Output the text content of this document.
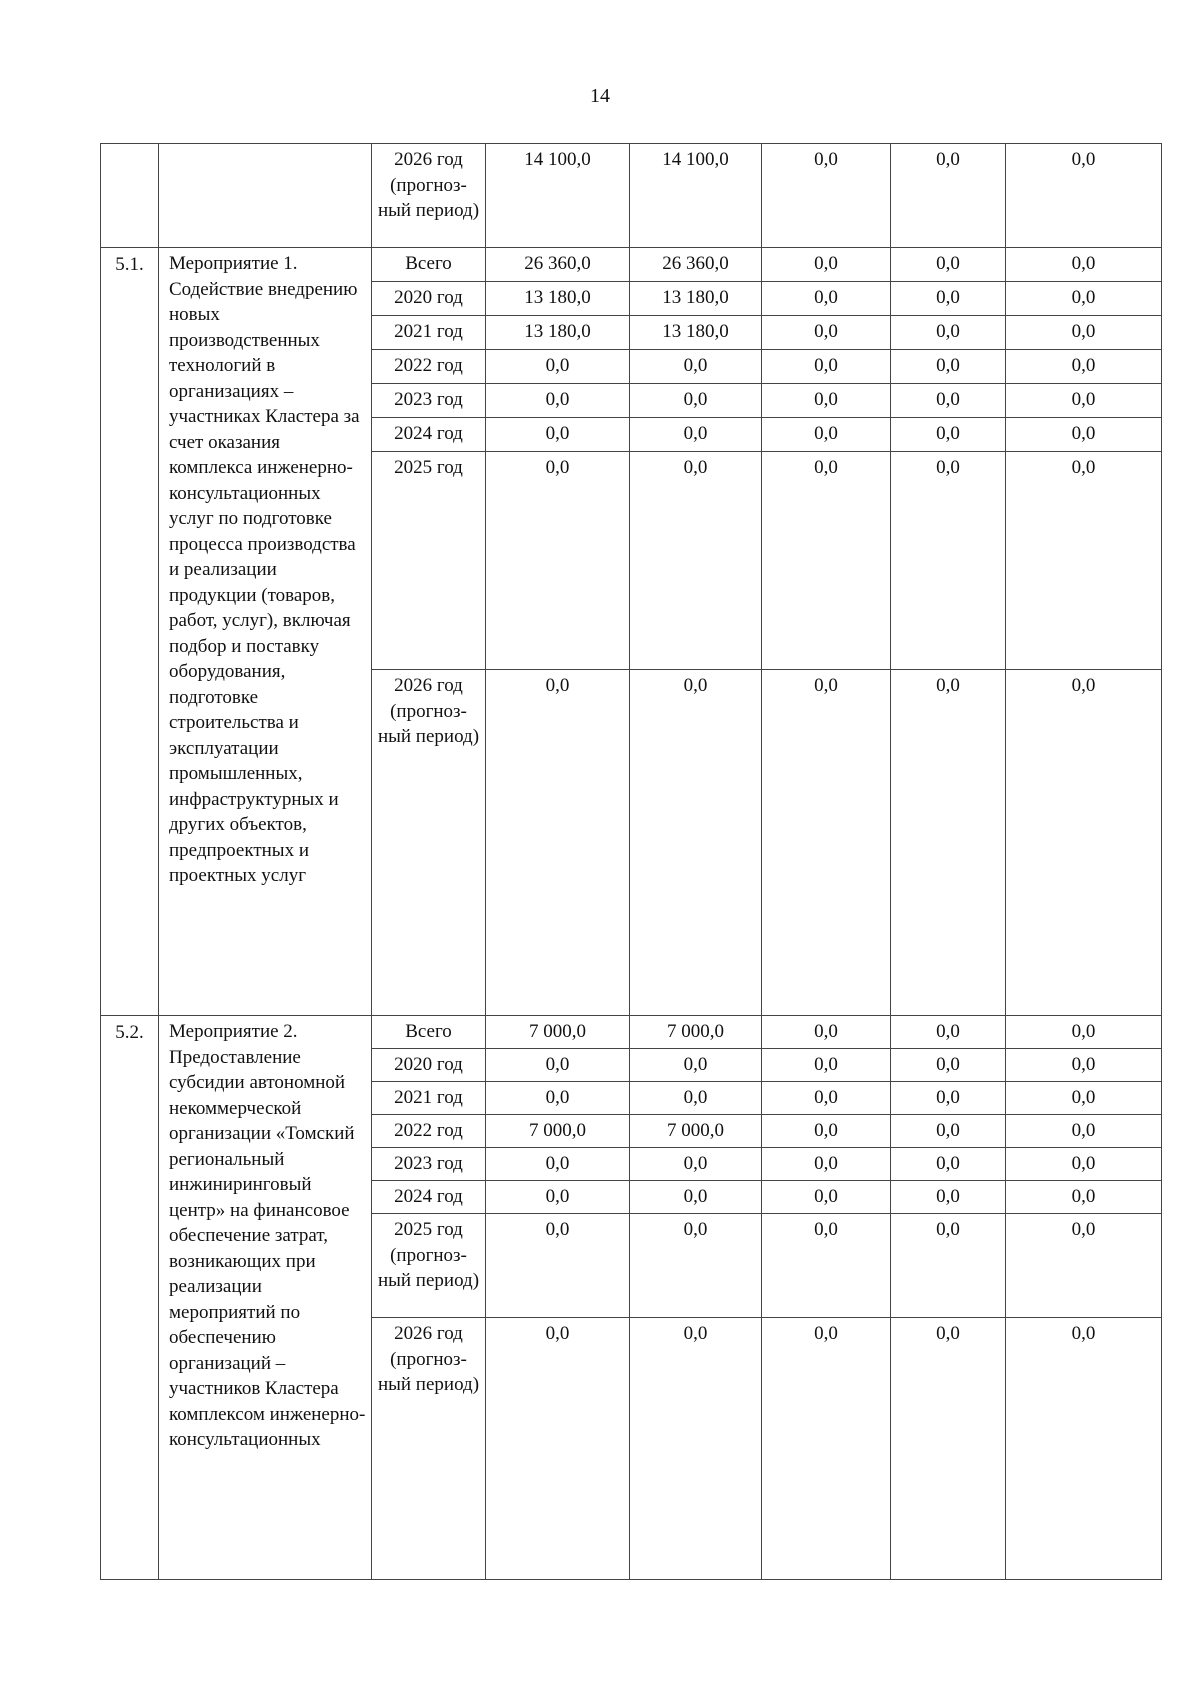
14
		2026 год (прогноз-ный период)	14 100,0	14 100,0	0,0	0,0	0,0
5.1.	Мероприятие 1. Содействие внедрению новых производственных технологий в организациях – участниках Кластера за счет оказания комплекса инженерно-консультационных услуг по подготовке процесса производства и реализации продукции (товаров, работ, услуг), включая подбор и поставку оборудования, подготовке строительства и эксплуатации промышленных, инфраструктурных и других объектов, предпроектных и проектных услуг	Всего	26 360,0	26 360,0	0,0	0,0	0,0
		2020 год	13 180,0	13 180,0	0,0	0,0	0,0
		2021 год	13 180,0	13 180,0	0,0	0,0	0,0
		2022 год	0,0	0,0	0,0	0,0	0,0
		2023 год	0,0	0,0	0,0	0,0	0,0
		2024 год	0,0	0,0	0,0	0,0	0,0
		2025 год	0,0	0,0	0,0	0,0	0,0
		2026 год (прогноз-ный период)	0,0	0,0	0,0	0,0	0,0
5.2.	Мероприятие 2. Предоставление субсидии автономной некоммерческой организации «Томский региональный инжиниринговый центр» на финансовое обеспечение затрат, возникающих при реализации мероприятий по обеспечению организаций – участников Кластера комплексом инженерно-консультационных	Всего	7 000,0	7 000,0	0,0	0,0	0,0
		2020 год	0,0	0,0	0,0	0,0	0,0
		2021 год	0,0	0,0	0,0	0,0	0,0
		2022 год	7 000,0	7 000,0	0,0	0,0	0,0
		2023 год	0,0	0,0	0,0	0,0	0,0
		2024 год	0,0	0,0	0,0	0,0	0,0
		2025 год (прогноз-ный период)	0,0	0,0	0,0	0,0	0,0
		2026 год (прогноз-ный период)	0,0	0,0	0,0	0,0	0,0
